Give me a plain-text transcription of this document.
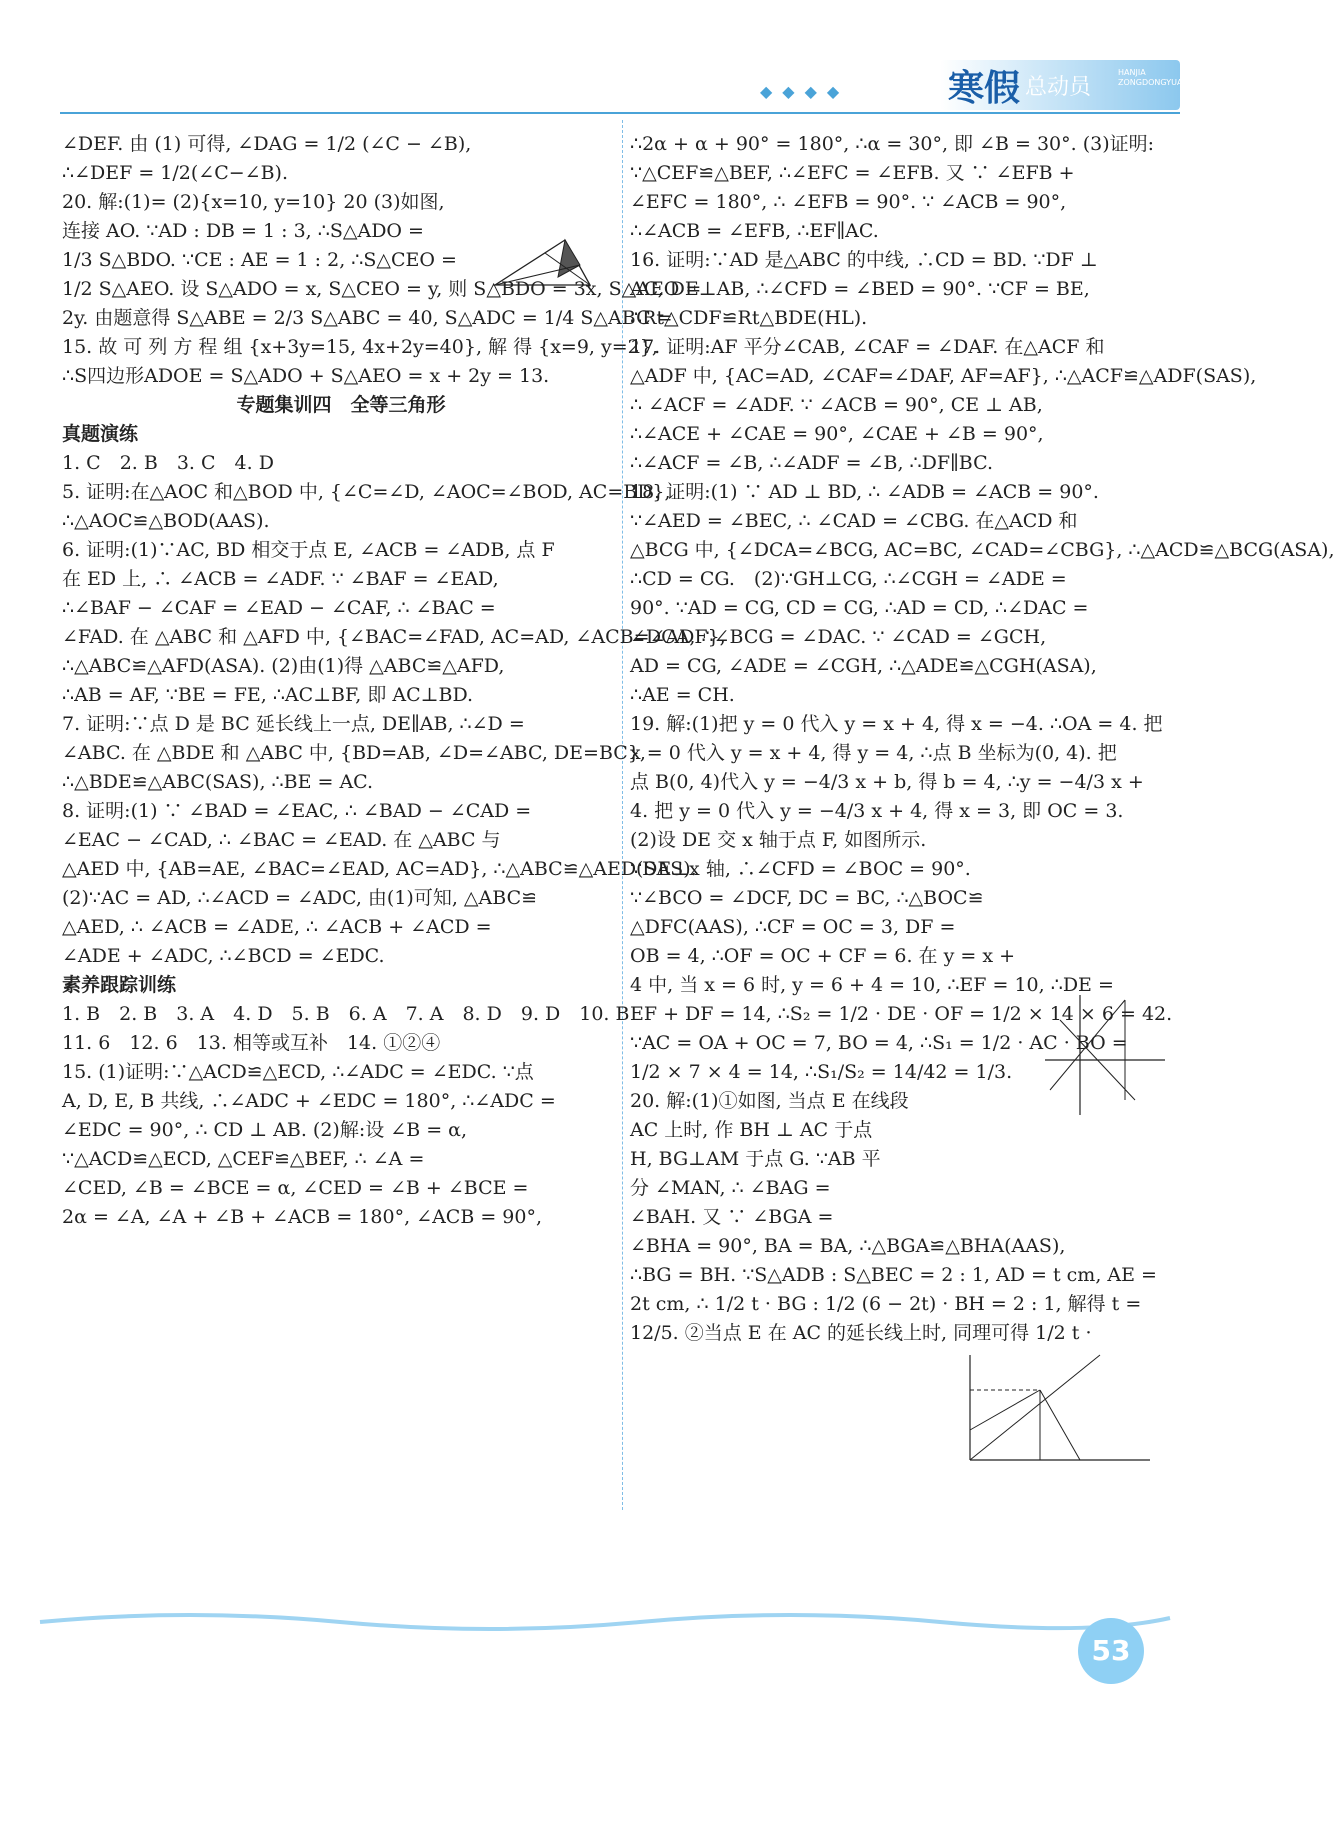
◆◆◆◆	寒假 总动员
HANJIA
ZONGDONGYUAN
∠DEF. 由 (1) 可得, ∠DAG = 1/2 (∠C − ∠B),
∴∠DEF = 1/2(∠C−∠B).
20. 解:(1)= (2){x=10, y=10} 20 (3)如图,
连接 AO. ∵AD : DB = 1 : 3, ∴S△ADO =
1/3 S△BDO. ∵CE : AE = 1 : 2, ∴S△CEO =
1/2 S△AEO. 设 S△ADO = x, S△CEO = y, 则 S△BDO = 3x, S△AEO =
2y. 由题意得 S△ABE = 2/3 S△ABC = 40, S△ADC = 1/4 S△ABC =
15. 故 可 列 方 程 组 {x+3y=15, 4x+2y=40}, 解 得 {x=9, y=2},
∴S四边形ADOE = S△ADO + S△AEO = x + 2y = 13.
专题集训四　全等三角形
真题演练
1. C　2. B　3. C　4. D
5. 证明:在△AOC 和△BOD 中, {∠C=∠D, ∠AOC=∠BOD, AC=BD},
∴△AOC≌△BOD(AAS).
6. 证明:(1)∵AC, BD 相交于点 E, ∠ACB = ∠ADB, 点 F
在 ED 上, ∴ ∠ACB = ∠ADF. ∵ ∠BAF = ∠EAD,
∴∠BAF − ∠CAF = ∠EAD − ∠CAF, ∴ ∠BAC =
∠FAD. 在 △ABC 和 △AFD 中, {∠BAC=∠FAD, AC=AD, ∠ACB=∠ADF},
∴△ABC≌△AFD(ASA). (2)由(1)得 △ABC≌△AFD,
∴AB = AF, ∵BE = FE, ∴AC⊥BF, 即 AC⊥BD.
7. 证明:∵点 D 是 BC 延长线上一点, DE∥AB, ∴∠D =
∠ABC. 在 △BDE 和 △ABC 中, {BD=AB, ∠D=∠ABC, DE=BC},
∴△BDE≌△ABC(SAS), ∴BE = AC.
8. 证明:(1) ∵ ∠BAD = ∠EAC, ∴ ∠BAD − ∠CAD =
∠EAC − ∠CAD, ∴ ∠BAC = ∠EAD. 在 △ABC 与
△AED 中, {AB=AE, ∠BAC=∠EAD, AC=AD}, ∴△ABC≌△AED(SAS).
(2)∵AC = AD, ∴∠ACD = ∠ADC, 由(1)可知, △ABC≌
△AED, ∴ ∠ACB = ∠ADE, ∴ ∠ACB + ∠ACD =
∠ADE + ∠ADC, ∴∠BCD = ∠EDC.
素养跟踪训练
1. B　2. B　3. A　4. D　5. B　6. A　7. A　8. D　9. D　10. B
11. 6　12. 6　13. 相等或互补　14. ①②④
15. (1)证明:∵△ACD≌△ECD, ∴∠ADC = ∠EDC. ∵点
A, D, E, B 共线, ∴∠ADC + ∠EDC = 180°, ∴∠ADC =
∠EDC = 90°, ∴ CD ⊥ AB. (2)解:设 ∠B = α,
∵△ACD≌△ECD, △CEF≌△BEF, ∴ ∠A =
∠CED, ∠B = ∠BCE = α, ∠CED = ∠B + ∠BCE =
2α = ∠A, ∠A + ∠B + ∠ACB = 180°, ∠ACB = 90°,
∴2α + α + 90° = 180°, ∴α = 30°, 即 ∠B = 30°. (3)证明:
∵△CEF≌△BEF, ∴∠EFC = ∠EFB. 又 ∵ ∠EFB +
∠EFC = 180°, ∴ ∠EFB = 90°. ∵ ∠ACB = 90°,
∴∠ACB = ∠EFB, ∴EF∥AC.
16. 证明:∵AD 是△ABC 的中线, ∴CD = BD. ∵DF ⊥
AC, DE⊥AB, ∴∠CFD = ∠BED = 90°. ∵CF = BE,
∴Rt△CDF≌Rt△BDE(HL).
17. 证明:AF 平分∠CAB, ∠CAF = ∠DAF. 在△ACF 和
△ADF 中, {AC=AD, ∠CAF=∠DAF, AF=AF}, ∴△ACF≌△ADF(SAS),
∴ ∠ACF = ∠ADF. ∵ ∠ACB = 90°, CE ⊥ AB,
∴∠ACE + ∠CAE = 90°, ∠CAE + ∠B = 90°,
∴∠ACF = ∠B, ∴∠ADF = ∠B, ∴DF∥BC.
18. 证明:(1) ∵ AD ⊥ BD, ∴ ∠ADB = ∠ACB = 90°.
∵∠AED = ∠BEC, ∴ ∠CAD = ∠CBG. 在△ACD 和
△BCG 中, {∠DCA=∠BCG, AC=BC, ∠CAD=∠CBG}, ∴△ACD≌△BCG(ASA),
∴CD = CG.　(2)∵GH⊥CG, ∴∠CGH = ∠ADE =
90°. ∵AD = CG, CD = CG, ∴AD = CD, ∴∠DAC =
∠DCA, ∴∠BCG = ∠DAC. ∵ ∠CAD = ∠GCH,
AD = CG, ∠ADE = ∠CGH, ∴△ADE≌△CGH(ASA),
∴AE = CH.
19. 解:(1)把 y = 0 代入 y = x + 4, 得 x = −4. ∴OA = 4. 把
x = 0 代入 y = x + 4, 得 y = 4, ∴点 B 坐标为(0, 4). 把
点 B(0, 4)代入 y = −4/3 x + b, 得 b = 4, ∴y = −4/3 x +
4. 把 y = 0 代入 y = −4/3 x + 4, 得 x = 3, 即 OC = 3.
(2)设 DE 交 x 轴于点 F, 如图所示.
∵DE⊥x 轴, ∴∠CFD = ∠BOC = 90°.
∵∠BCO = ∠DCF, DC = BC, ∴△BOC≌
△DFC(AAS), ∴CF = OC = 3, DF =
OB = 4, ∴OF = OC + CF = 6. 在 y = x +
4 中, 当 x = 6 时, y = 6 + 4 = 10, ∴EF = 10, ∴DE =
EF + DF = 14, ∴S₂ = 1/2 · DE · OF = 1/2 × 14 × 6 = 42.
∵AC = OA + OC = 7, BO = 4, ∴S₁ = 1/2 · AC · BO =
1/2 × 7 × 4 = 14, ∴S₁/S₂ = 14/42 = 1/3.
20. 解:(1)①如图, 当点 E 在线段
AC 上时, 作 BH ⊥ AC 于点
H, BG⊥AM 于点 G. ∵AB 平
分 ∠MAN, ∴ ∠BAG =
∠BAH. 又 ∵ ∠BGA =
∠BHA = 90°, BA = BA, ∴△BGA≌△BHA(AAS),
∴BG = BH. ∵S△ADB : S△BEC = 2 : 1, AD = t cm, AE =
2t cm, ∴ 1/2 t · BG : 1/2 (6 − 2t) · BH = 2 : 1, 解得 t =
12/5. ②当点 E 在 AC 的延长线上时, 同理可得 1/2 t ·
53
